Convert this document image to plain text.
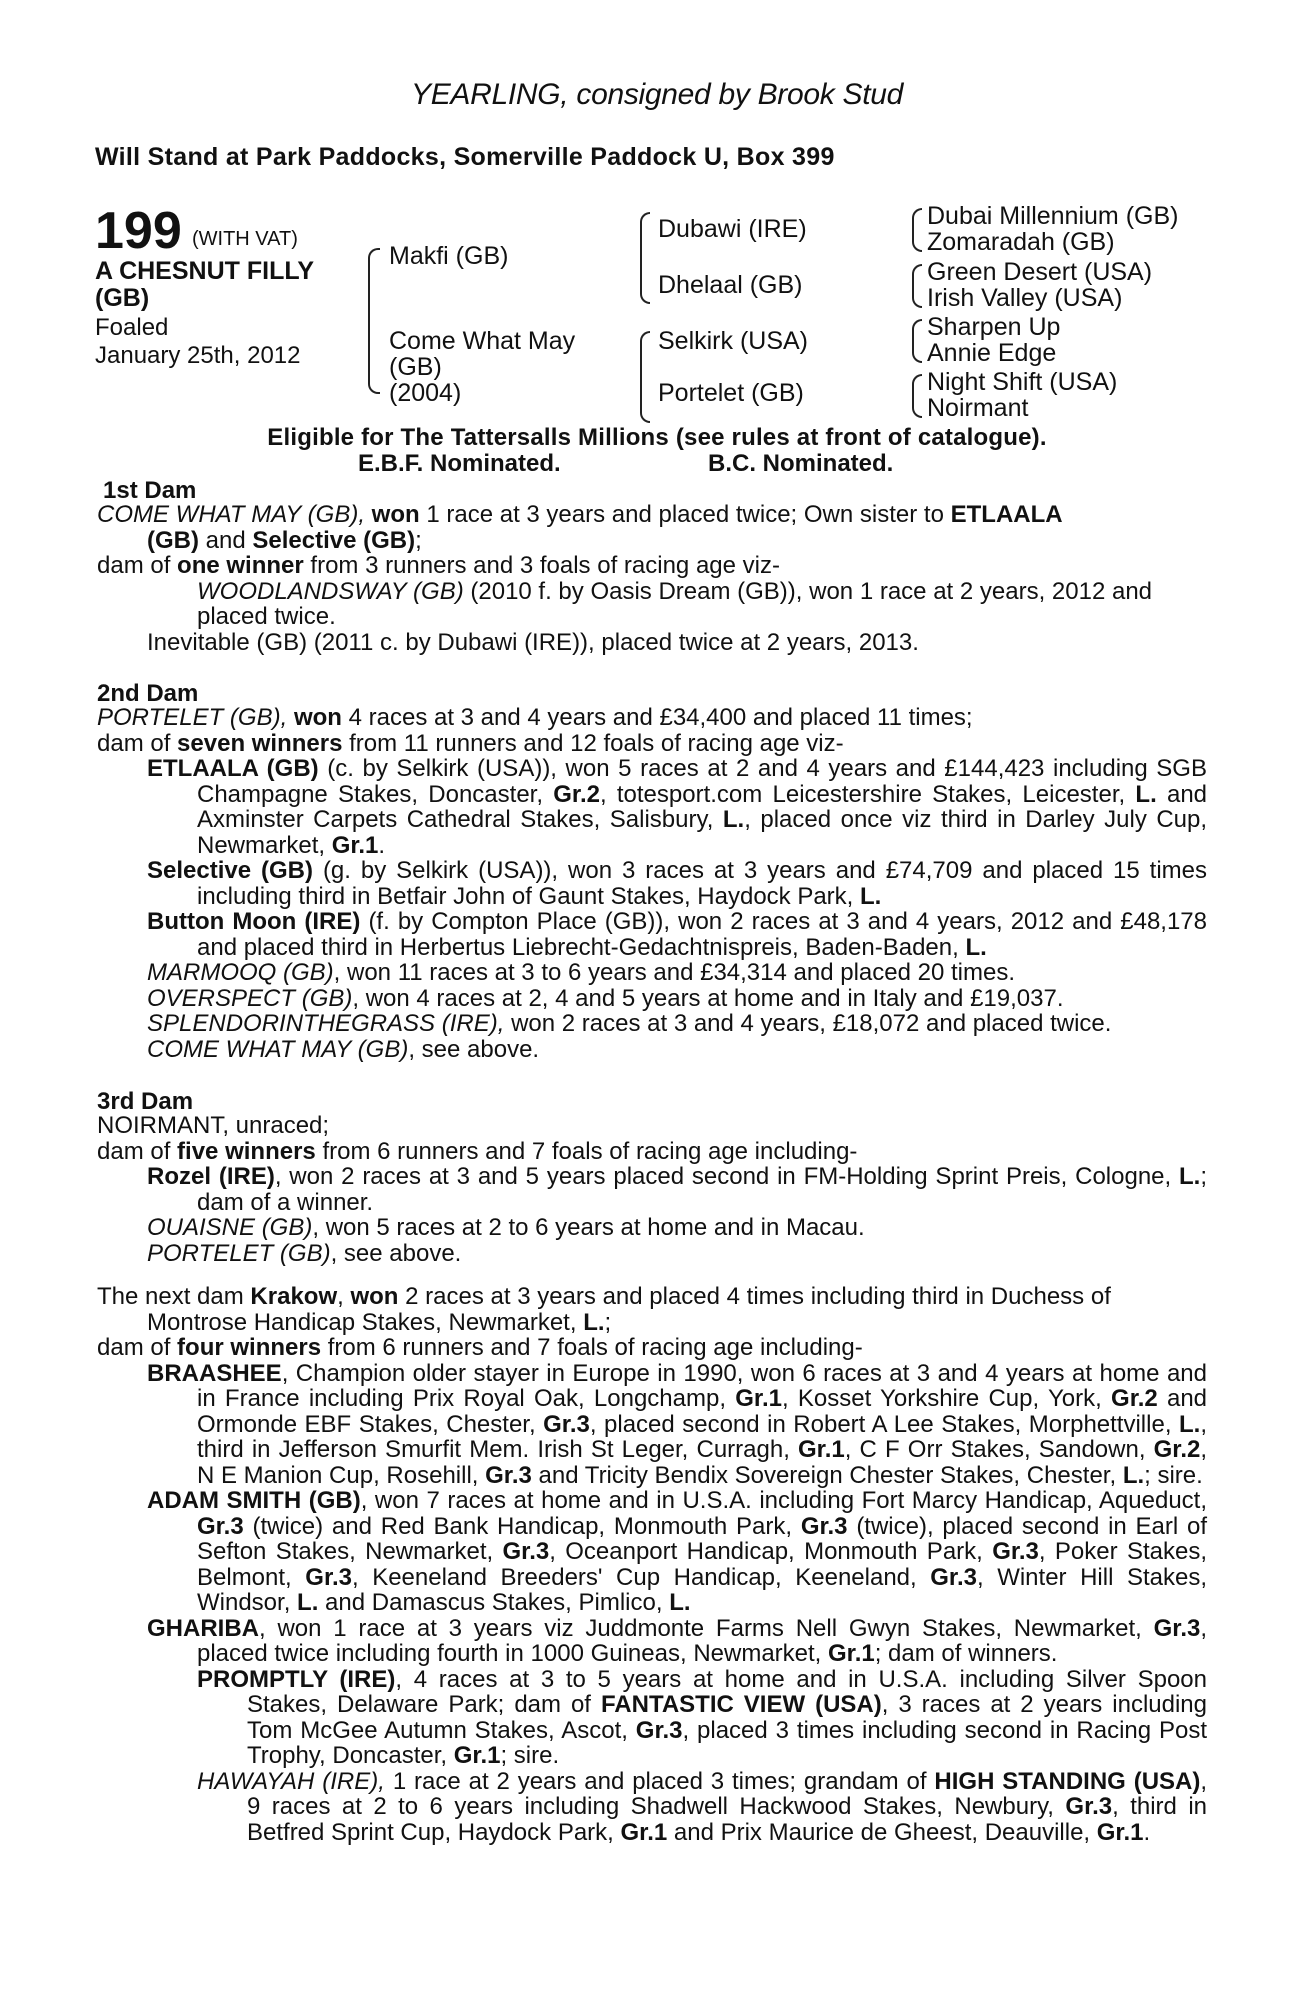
YEARLING, consigned by Brook Stud
Will Stand at Park Paddocks, Somerville Paddock U, Box 399
199 (WITH VAT)
A CHESNUT FILLY
(GB)
Foaled
January 25th, 2012
Makfi (GB)
Come What May
(GB)
(2004)
Dubawi (IRE)
Dhelaal (GB)
Selkirk (USA)
Portelet (GB)
Dubai Millennium (GB)
Zomaradah (GB)
Green Desert (USA)
Irish Valley (USA)
Sharpen Up
Annie Edge
Night Shift (USA)
Noirmant
Eligible for The Tattersalls Millions (see rules at front of catalogue).
E.B.F. Nominated.	B.C. Nominated.
1st Dam
COME WHAT MAY (GB), won 1 race at 3 years and placed twice; Own sister to ETLAALA
(GB) and Selective (GB);
dam of one winner from 3 runners and 3 foals of racing age viz-
WOODLANDSWAY (GB) (2010 f. by Oasis Dream (GB)), won 1 race at 2 years, 2012 and placed twice.
Inevitable (GB) (2011 c. by Dubawi (IRE)), placed twice at 2 years, 2013.
2nd Dam
PORTELET (GB), won 4 races at 3 and 4 years and £34,400 and placed 11 times;
dam of seven winners from 11 runners and 12 foals of racing age viz-
ETLAALA (GB) (c. by Selkirk (USA)), won 5 races at 2 and 4 years and £144,423 including SGB Champagne Stakes, Doncaster, Gr.2, totesport.com Leicestershire Stakes, Leicester, L. and Axminster Carpets Cathedral Stakes, Salisbury, L., placed once viz third in Darley July Cup, Newmarket, Gr.1.
Selective (GB) (g. by Selkirk (USA)), won 3 races at 3 years and £74,709 and placed 15 times including third in Betfair John of Gaunt Stakes, Haydock Park, L.
Button Moon (IRE) (f. by Compton Place (GB)), won 2 races at 3 and 4 years, 2012 and £48,178 and placed third in Herbertus Liebrecht-Gedachtnispreis, Baden-Baden, L.
MARMOOQ (GB), won 11 races at 3 to 6 years and £34,314 and placed 20 times.
OVERSPECT (GB), won 4 races at 2, 4 and 5 years at home and in Italy and £19,037.
SPLENDORINTHEGRASS (IRE), won 2 races at 3 and 4 years, £18,072 and placed twice.
COME WHAT MAY (GB), see above.
3rd Dam
NOIRMANT, unraced;
dam of five winners from 6 runners and 7 foals of racing age including-
Rozel (IRE), won 2 races at 3 and 5 years placed second in FM-Holding Sprint Preis, Cologne, L.; dam of a winner.
OUAISNE (GB), won 5 races at 2 to 6 years at home and in Macau.
PORTELET (GB), see above.
The next dam Krakow, won 2 races at 3 years and placed 4 times including third in Duchess of Montrose Handicap Stakes, Newmarket, L.;
dam of four winners from 6 runners and 7 foals of racing age including-
BRAASHEE, Champion older stayer in Europe in 1990, won 6 races at 3 and 4 years at home and in France including Prix Royal Oak, Longchamp, Gr.1, Kosset Yorkshire Cup, York, Gr.2 and Ormonde EBF Stakes, Chester, Gr.3, placed second in Robert A Lee Stakes, Morphettville, L., third in Jefferson Smurfit Mem. Irish St Leger, Curragh, Gr.1, C F Orr Stakes, Sandown, Gr.2, N E Manion Cup, Rosehill, Gr.3 and Tricity Bendix Sovereign Chester Stakes, Chester, L.; sire.
ADAM SMITH (GB), won 7 races at home and in U.S.A. including Fort Marcy Handicap, Aqueduct, Gr.3 (twice) and Red Bank Handicap, Monmouth Park, Gr.3 (twice), placed second in Earl of Sefton Stakes, Newmarket, Gr.3, Oceanport Handicap, Monmouth Park, Gr.3, Poker Stakes, Belmont, Gr.3, Keeneland Breeders' Cup Handicap, Keeneland, Gr.3, Winter Hill Stakes, Windsor, L. and Damascus Stakes, Pimlico, L.
GHARIBA, won 1 race at 3 years viz Juddmonte Farms Nell Gwyn Stakes, Newmarket, Gr.3, placed twice including fourth in 1000 Guineas, Newmarket, Gr.1; dam of winners.
PROMPTLY (IRE), 4 races at 3 to 5 years at home and in U.S.A. including Silver Spoon Stakes, Delaware Park; dam of FANTASTIC VIEW (USA), 3 races at 2 years including Tom McGee Autumn Stakes, Ascot, Gr.3, placed 3 times including second in Racing Post Trophy, Doncaster, Gr.1; sire.
HAWAYAH (IRE), 1 race at 2 years and placed 3 times; grandam of HIGH STANDING (USA), 9 races at 2 to 6 years including Shadwell Hackwood Stakes, Newbury, Gr.3, third in Betfred Sprint Cup, Haydock Park, Gr.1 and Prix Maurice de Gheest, Deauville, Gr.1.
